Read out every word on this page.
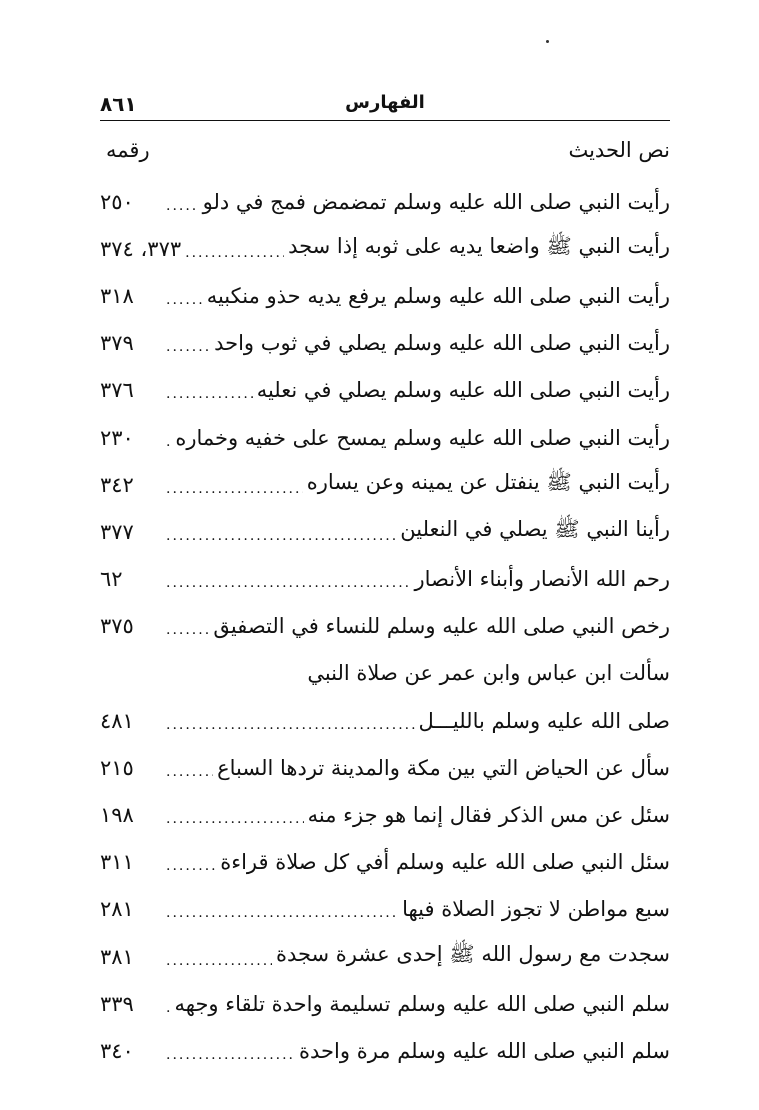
٨٦١	الفهارس
نص الحديث
رقمه
رأيت النبي صلى الله عليه وسلم تمضمض فمج في دلو
.....
٢٥٠
رأيت النبي ﷺ واضعا يديه على ثوبه إذا سجد
.....
٣٧٣، ٣٧٤
رأيت النبي صلى الله عليه وسلم يرفع يديه حذو منكبيه
.....
٣١٨
رأيت النبي صلى الله عليه وسلم يصلي في ثوب واحد
.....
٣٧٩
رأيت النبي صلى الله عليه وسلم يصلي في نعليه
.....
٣٧٦
رأيت النبي صلى الله عليه وسلم يمسح على خفيه وخماره
.....
٢٣٠
رأيت النبي ﷺ ينفتل عن يمينه وعن يساره
.....
٣٤٢
رأينا النبي ﷺ يصلي في النعلين
.....
٣٧٧
رحم الله الأنصار وأبناء الأنصار
.....
٦٢
رخص النبي صلى الله عليه وسلم للنساء في التصفيق
.....
٣٧٥
سألت ابن عباس وابن عمر عن صلاة النبي
صلى الله عليه وسلم بالليـــل
.....
٤٨١
سأل عن الحياض التي بين مكة والمدينة تردها السباع
.....
٢١٥
سئل عن مس الذكر فقال إنما هو جزء منه
.....
١٩٨
سئل النبي صلى الله عليه وسلم أفي كل صلاة قراءة
.....
٣١١
سبع مواطن لا تجوز الصلاة فيها
.....
٢٨١
سجدت مع رسول الله ﷺ إحدى عشرة سجدة
.....
٣٨١
سلم النبي صلى الله عليه وسلم تسليمة واحدة تلقاء وجهه
.....
٣٣٩
سلم النبي صلى الله عليه وسلم مرة واحدة
.....
٣٤٠
